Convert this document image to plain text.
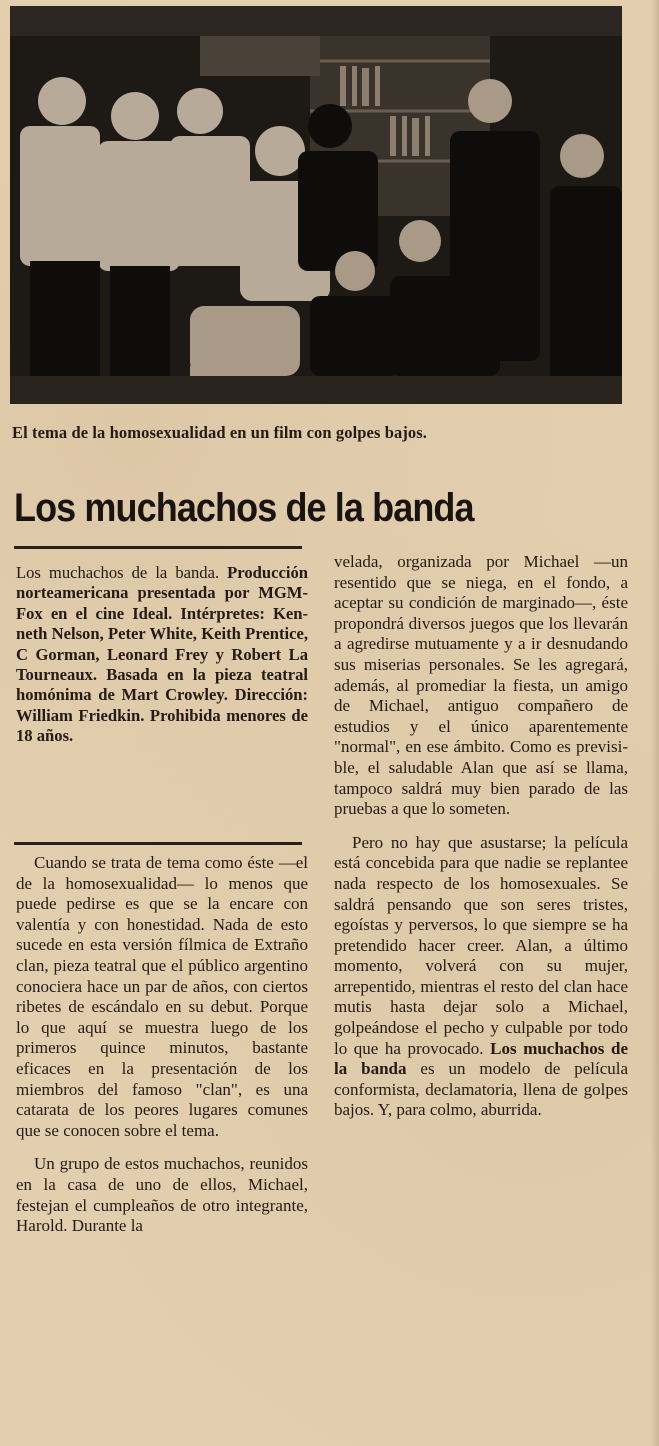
El tema de la homosexualidad en un film con golpes bajos.
Los muchachos de la banda
Los muchachos de la banda. Producción norteamericana presentada por MGM-Fox en el cine Ideal. Intérpretes: Kenneth Nelson, Peter White, Keith Prentice, C Gorman, Leonard Frey y Robert La Tourneaux. Basada en la pieza teatral homónima de Mart Crowley. Dirección: William Friedkin. Prohibida menores de 18 años.

Cuando se trata de tema como éste —el de la homosexualidad— lo menos que puede pedirse es que se la encare con valentía y con honestidad. Nada de esto sucede en esta versión fílmica de Extraño clan, pieza teatral que el público argentino conociera hace un par de años, con ciertos ribetes de escándalo en su debut. Porque lo que aquí se muestra luego de los primeros quince minutos, bastante eficaces en la presentación de los miembros del famoso "clan", es una catarata de los peores lugares comunes que se conocen sobre el tema.

Un grupo de estos muchachos, reunidos en la casa de uno de ellos, Michael, festejan el cumpleaños de otro integrante, Harold. Durante la

velada, organizada por Michael —un resentido que se niega, en el fondo, a aceptar su condición de marginado—, éste propondrá diversos juegos que los llevarán a agredirse mutuamente y a ir desnudando sus miserias personales. Se les agregará, además, al promediar la fiesta, un amigo de Michael, antiguo compañero de estudios y el único aparentemente "normal", en ese ámbito. Como es previsible, el saludable Alan que así se llama, tampoco saldrá muy bien parado de las pruebas a que lo someten.

Pero no hay que asustarse; la película está concebida para que nadie se replantee nada respecto de los homosexuales. Se saldrá pensando que son seres tristes, egoístas y perversos, lo que siempre se ha pretendido hacer creer. Alan, a último momento, volverá con su mujer, arrepentido, mientras el resto del clan hace mutis hasta dejar solo a Michael, golpeándose el pecho y culpable por todo lo que ha provocado. Los muchachos de la banda es un modelo de película conformista, declamatoria, llena de golpes bajos. Y, para colmo, aburrida.
